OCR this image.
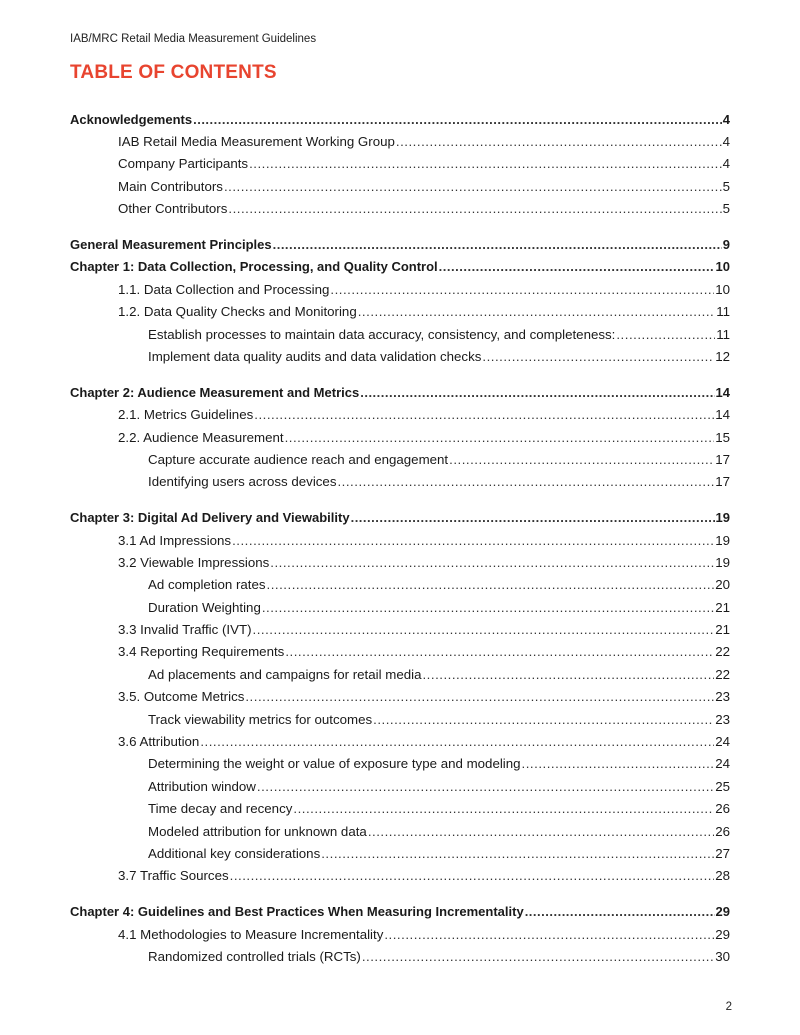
IAB/MRC Retail Media Measurement Guidelines
TABLE OF CONTENTS
Acknowledgements .....	4
IAB Retail Media Measurement Working Group .....	4
Company Participants .....	4
Main Contributors .....	5
Other Contributors .....	5
General Measurement Principles .....	9
Chapter 1: Data Collection, Processing, and Quality Control .....	10
1.1. Data Collection and Processing .....	10
1.2. Data Quality Checks and Monitoring .....	11
Establish processes to maintain data accuracy, consistency, and completeness: .....	11
Implement data quality audits and data validation checks .....	12
Chapter 2: Audience Measurement and Metrics .....	14
2.1. Metrics Guidelines .....	14
2.2. Audience Measurement .....	15
Capture accurate audience reach and engagement .....	17
Identifying users across devices .....	17
Chapter 3: Digital Ad Delivery and Viewability .....	19
3.1 Ad Impressions .....	19
3.2 Viewable Impressions .....	19
Ad completion rates .....	20
Duration Weighting .....	21
3.3 Invalid Traffic (IVT) .....	21
3.4 Reporting Requirements .....	22
Ad placements and campaigns for retail media .....	22
3.5. Outcome Metrics .....	23
Track viewability metrics for outcomes .....	23
3.6 Attribution .....	24
Determining the weight or value of exposure type and modeling .....	24
Attribution window .....	25
Time decay and recency .....	26
Modeled attribution for unknown data .....	26
Additional key considerations .....	27
3.7 Traffic Sources .....	28
Chapter 4: Guidelines and Best Practices When Measuring Incrementality .....	29
4.1 Methodologies to Measure Incrementality .....	29
Randomized controlled trials (RCTs) .....	30
2
